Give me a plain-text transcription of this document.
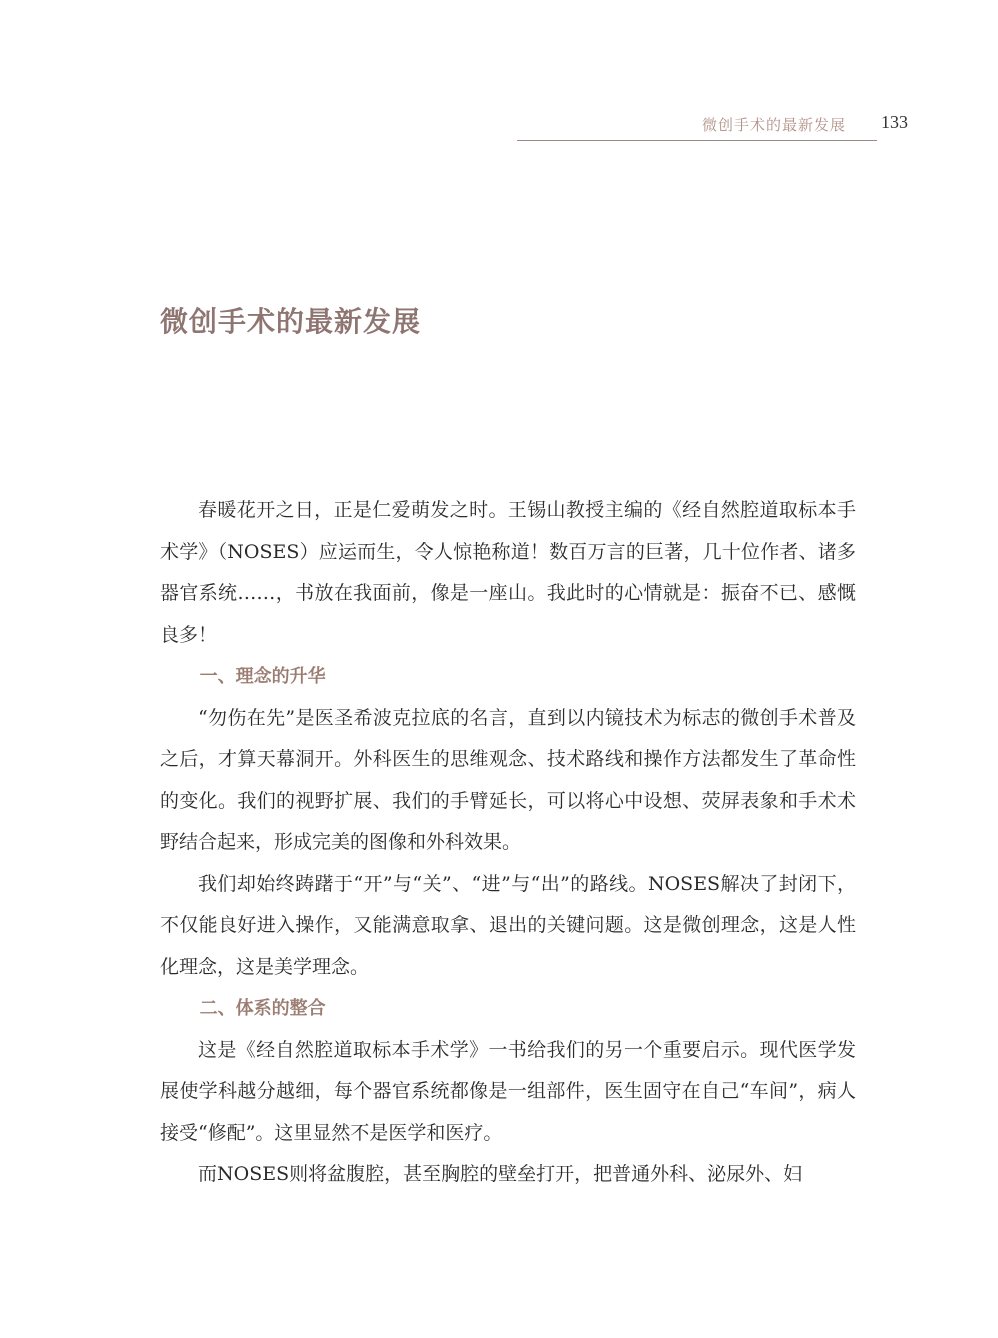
微创手术的最新发展 133
微创手术的最新发展

春暖花开之日，正是仁爱萌发之时。王锡山教授主编的《经自然腔道取标本手术学》（NOSES）应运而生，令人惊艳称道！数百万言的巨著，几十位作者、诸多器官系统……，书放在我面前，像是一座山。我此时的心情就是：振奋不已、感慨良多！

一、理念的升华

“勿伤在先”是医圣希波克拉底的名言，直到以内镜技术为标志的微创手术普及之后，才算天幕洞开。外科医生的思维观念、技术路线和操作方法都发生了革命性的变化。我们的视野扩展、我们的手臂延长，可以将心中设想、荧屏表象和手术术野结合起来，形成完美的图像和外科效果。

我们却始终踌躇于“开”与“关”、“进”与“出”的路线。NOSES解决了封闭下，不仅能良好进入操作，又能满意取拿、退出的关键问题。这是微创理念，这是人性化理念，这是美学理念。

二、体系的整合

这是《经自然腔道取标本手术学》一书给我们的另一个重要启示。现代医学发展使学科越分越细，每个器官系统都像是一组部件，医生固守在自己“车间”，病人接受“修配”。这里显然不是医学和医疗。

而NOSES则将盆腹腔，甚至胸腔的壁垒打开，把普通外科、泌尿外、妇
